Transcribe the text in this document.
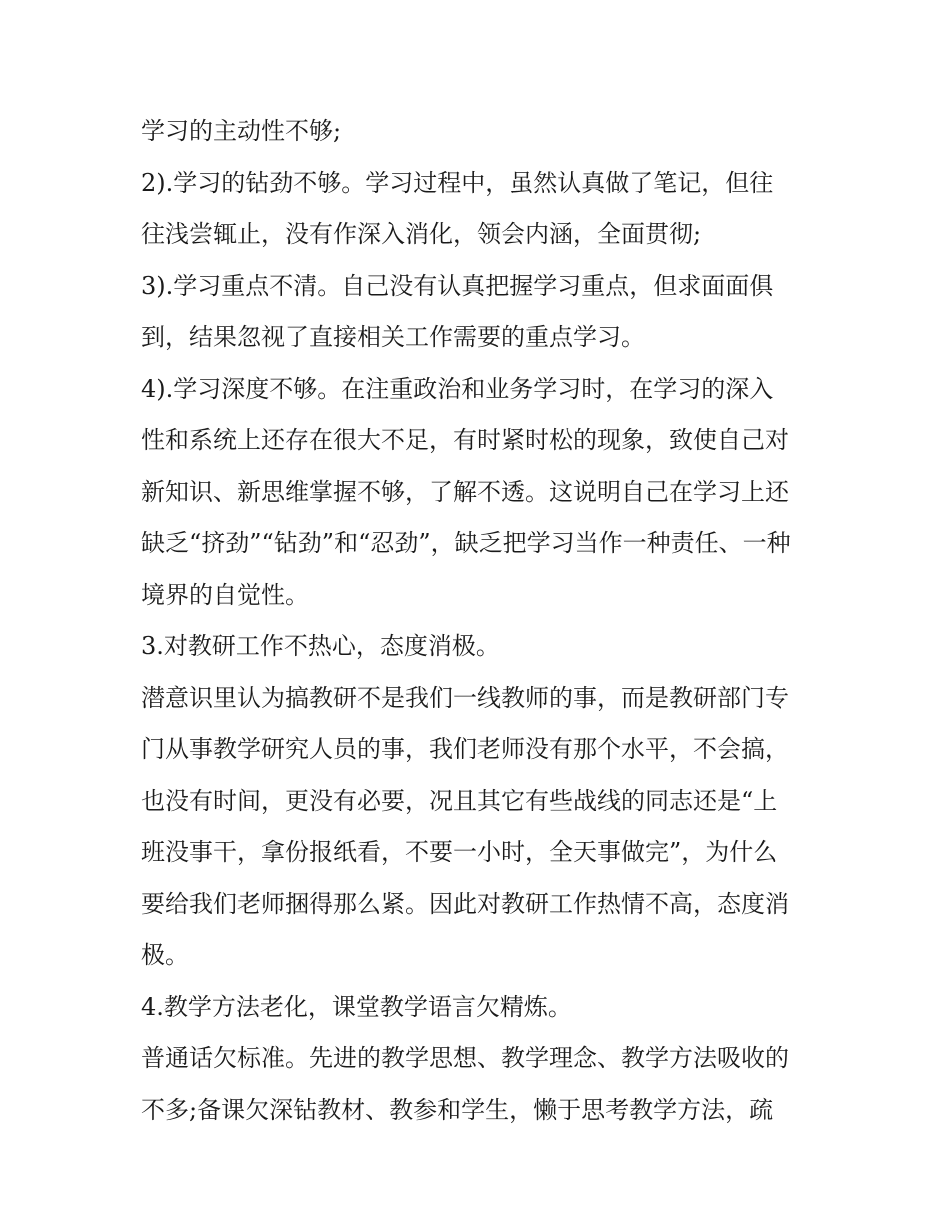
学习的主动性不够;
2).学习的钻劲不够。学习过程中，虽然认真做了笔记，但往
往浅尝辄止，没有作深入消化，领会内涵，全面贯彻;
3).学习重点不清。自己没有认真把握学习重点，但求面面俱
到，结果忽视了直接相关工作需要的重点学习。
4).学习深度不够。在注重政治和业务学习时，在学习的深入
性和系统上还存在很大不足，有时紧时松的现象，致使自己对
新知识、新思维掌握不够，了解不透。这说明自己在学习上还
缺乏“挤劲”“钻劲”和“忍劲”，缺乏把学习当作一种责任、一种
境界的自觉性。
3.对教研工作不热心，态度消极。
潜意识里认为搞教研不是我们一线教师的事，而是教研部门专
门从事教学研究人员的事，我们老师没有那个水平，不会搞，
也没有时间，更没有必要，况且其它有些战线的同志还是“上
班没事干，拿份报纸看，不要一小时，全天事做完”，为什么
要给我们老师捆得那么紧。因此对教研工作热情不高，态度消
极。
4.教学方法老化，课堂教学语言欠精炼。
普通话欠标准。先进的教学思想、教学理念、教学方法吸收的
不多;备课欠深钻教材、教参和学生，懒于思考教学方法，疏
